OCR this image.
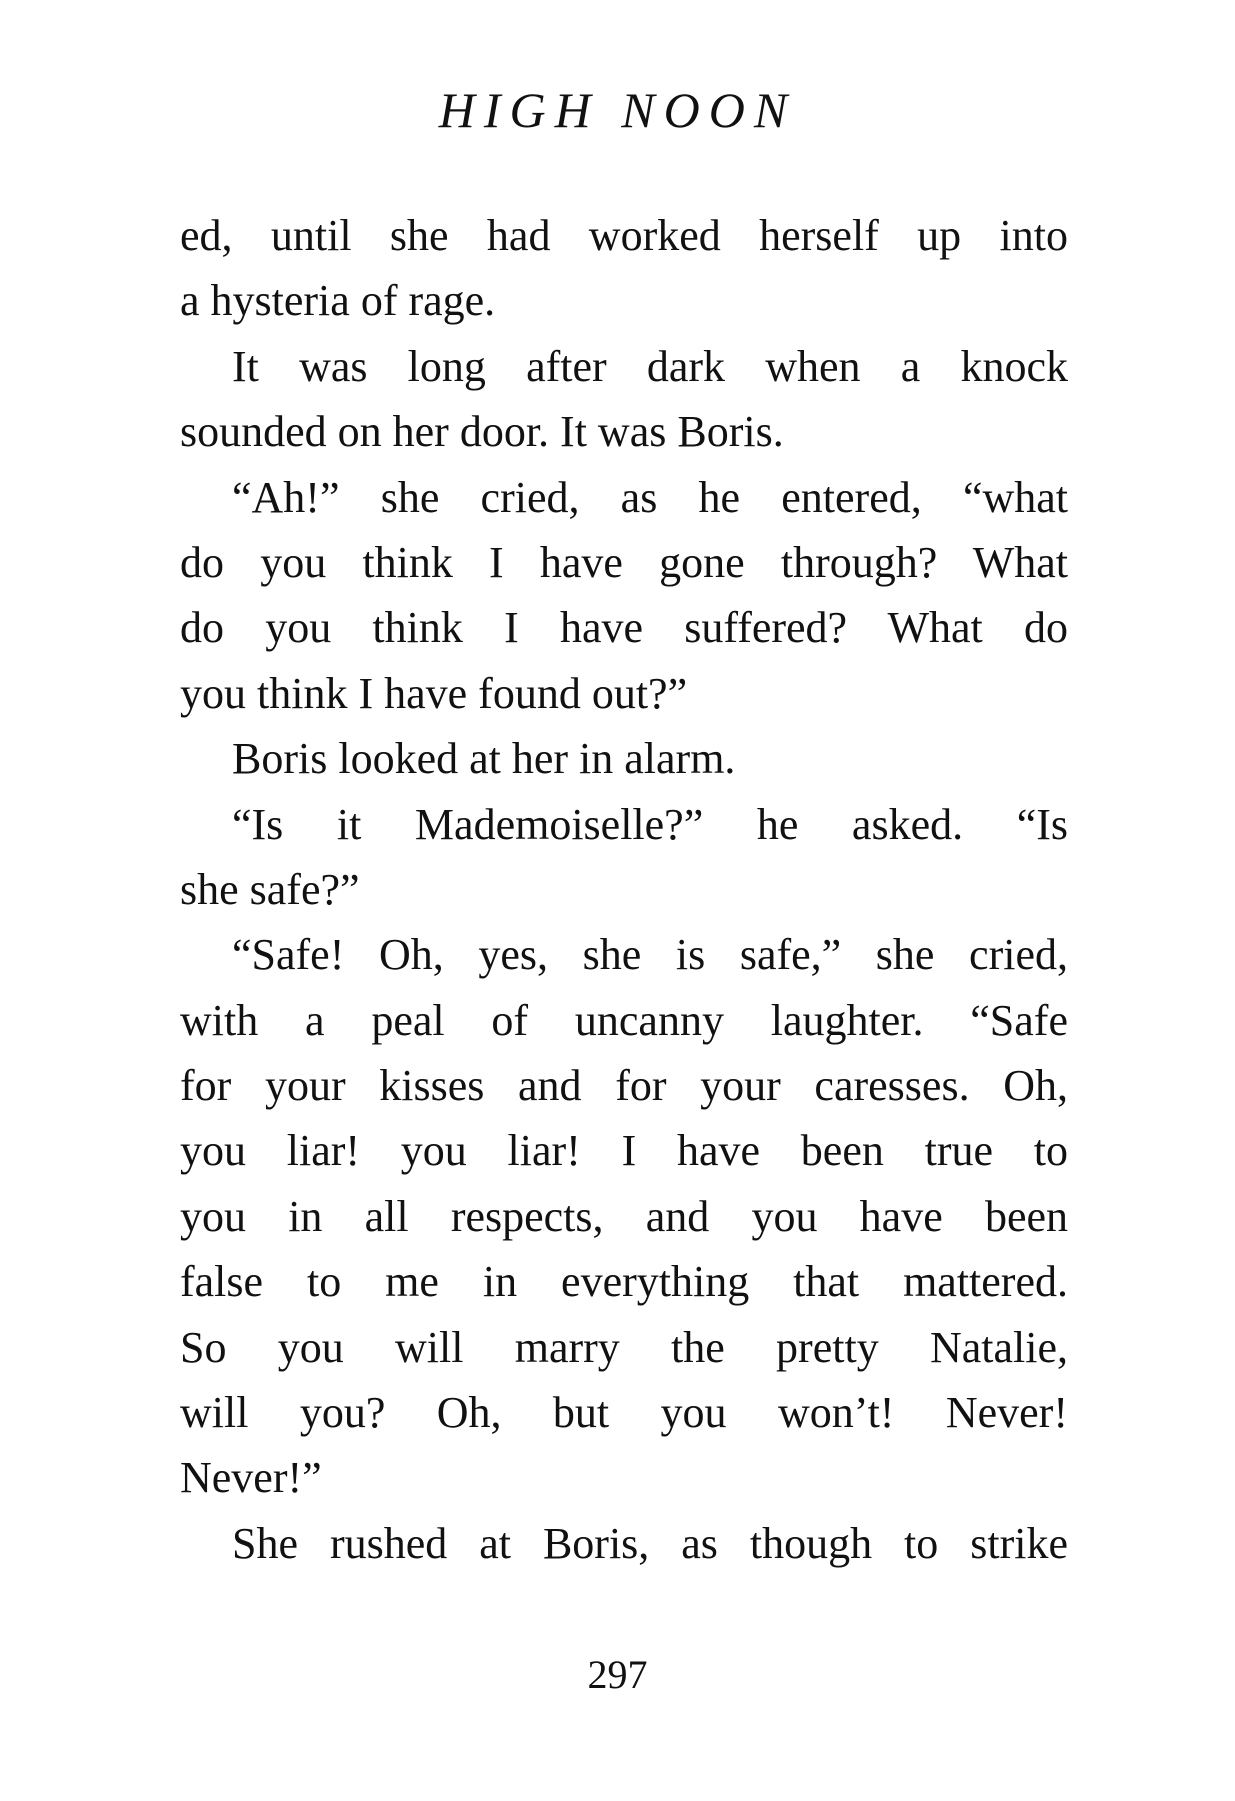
HIGH NOON
ed, until she had worked herself up into
a hysteria of rage.
It was long after dark when a knock
sounded on her door. It was Boris.
“Ah!” she cried, as he entered, “what
do you think I have gone through? What
do you think I have suffered? What do
you think I have found out?”
Boris looked at her in alarm.
“Is it Mademoiselle?” he asked. “Is
she safe?”
“Safe! Oh, yes, she is safe,” she cried,
with a peal of uncanny laughter. “Safe
for your kisses and for your caresses. Oh,
you liar! you liar! I have been true to
you in all respects, and you have been
false to me in everything that mattered.
So you will marry the pretty Natalie,
will you? Oh, but you won’t! Never!
Never!”
She rushed at Boris, as though to strike
297
